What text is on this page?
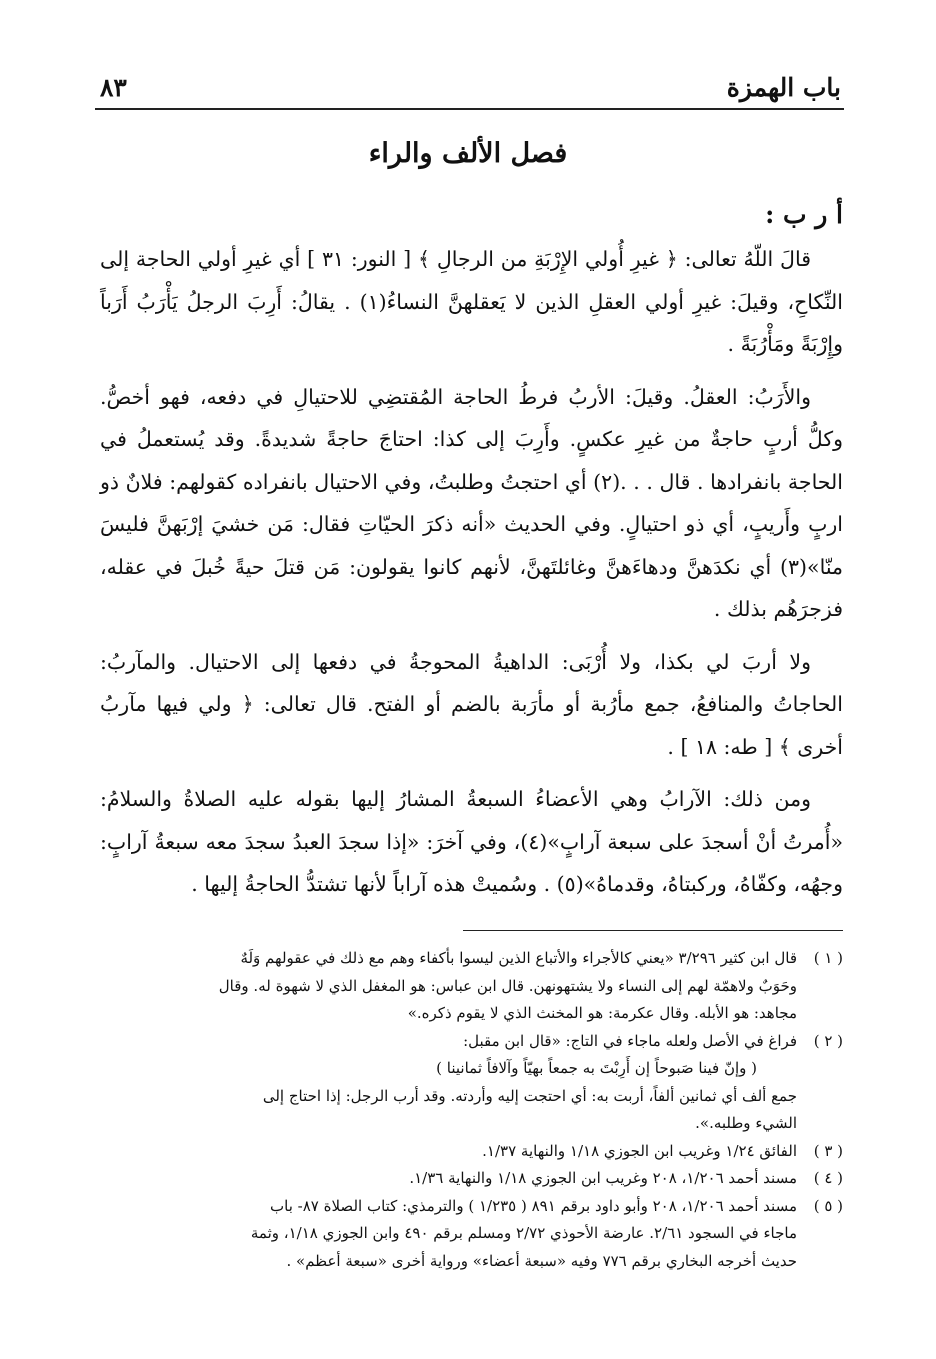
باب الهمزة
٨٣
فصل الألف والراء
أ ر ب :

قالَ اللّهُ تعالى: ﴿ غيرِ أُولي الإِرْبَةِ من الرجالِ ﴾ [ النور: ٣١ ] أي غيرِ أولي الحاجة إلى النِّكاحِ، وقيلَ: غيرِ أولي العقلِ الذين لا يَعقلهنَّ النساءُ(١) . يقالُ: أَرِبَ الرجلُ يَأْرَبُ أَرَباً وإِرْبَةً ومَأْرُبَةً .

والأَرَبُ: العقلُ. وقيلَ: الأربُ فرطُ الحاجة المُقتضِي للاحتيالِ في دفعه، فهو أخصُّ. وكلُّ أربٍ حاجةٌ من غيرِ عكسٍ. وأَرِبَ إلى كذا: احتاجَ حاجةً شديدةً. وقد يُستعملُ في الحاجة بانفرادها . قال . . .(٢) أي احتجتُ وطلبتُ، وفي الاحتيال بانفراده كقولهم: فلانٌ ذو اربٍ وأَريبٍ، أي ذو احتيالٍ. وفي الحديث «أنه ذكرَ الحيّاتِ فقال: مَن خشيَ إرْبَهنَّ فليسَ منّا»(٣) أي نكدَهنَّ ودهاءَهنَّ وغائلتَهنَّ، لأنهم كانوا يقولون: مَن قتلَ حيةً خُبلَ في عقله، فزجرَهُم بذلك .

ولا أربَ لي بكذا، ولا أُرْبَى: الداهيةُ المحوجةُ في دفعها إلى الاحتيال. والمآربُ: الحاجاتُ والمنافعُ، جمع مأرُبة أو مأرَبة بالضم أو الفتح. قال تعالى: ﴿ ولي فيها مآربُ أخرى ﴾ [ طه: ١٨ ] .

ومن ذلك: الآرابُ وهي الأعضاءُ السبعةُ المشارُ إليها بقوله عليه الصلاةُ والسلامُ: «أُمرتُ أنْ أسجدَ على سبعة آرابٍ»(٤)، وفي آخرَ: «إذا سجدَ العبدُ سجدَ معه سبعةُ آرابٍ: وجهُه، وكفّاهُ، وركبتاهُ، وقدماهُ»(٥) . وسُميتْ هذه آراباً لأنها تشتدُّ الحاجةُ إليها .

( ١ )
قال ابن كثير ٣/٢٩٦ «يعني كالأجراء والأتباع الذين ليسوا بأكفاء وهم مع ذلك في عقولهم وَلَهٌ
وحَوَبٌ ولاهمّة لهم إلى النساء ولا يشتهونهن. قال ابن عباس: هو المغفل الذي لا شهوة له. وقال
مجاهد: هو الأبله. وقال عكرمة: هو المخنث الذي لا يقوم ذكره.»
( ٢ )
فراغ في الأصل ولعله ماجاء في التاج: «قال ابن مقبل:
( وإنّ فينا صَبوحاً إن أَرِبْتَ به جمعاً بهيّاً وآلافاً ثمانينا )
جمع ألف أي ثمانين ألفاً، أربت به: أي احتجت إليه وأردته. وقد أرب الرجل: إذا احتاج إلى
الشيء وطلبه.».
( ٣ )
الفائق ١/٢٤ وغريب ابن الجوزي ١/١٨ والنهاية ١/٣٧.
( ٤ )
مسند أحمد ١/٢٠٦، ٢٠٨ وغريب ابن الجوزي ١/١٨ والنهاية ١/٣٦.
( ٥ )
مسند أحمد ١/٢٠٦، ٢٠٨ وأبو داود برقم ٨٩١ ( ١/٢٣٥ ) والترمذي: كتاب الصلاة ٨٧- باب
ماجاء في السجود ٢/٦١. عارضة الأحوذي ٢/٧٢ ومسلم برقم ٤٩٠ وابن الجوزي ١/١٨، وثمة
حديث أخرجه البخاري برقم ٧٧٦ وفيه «سبعة أعضاء» ورواية أخرى «سبعة أعظم» .
